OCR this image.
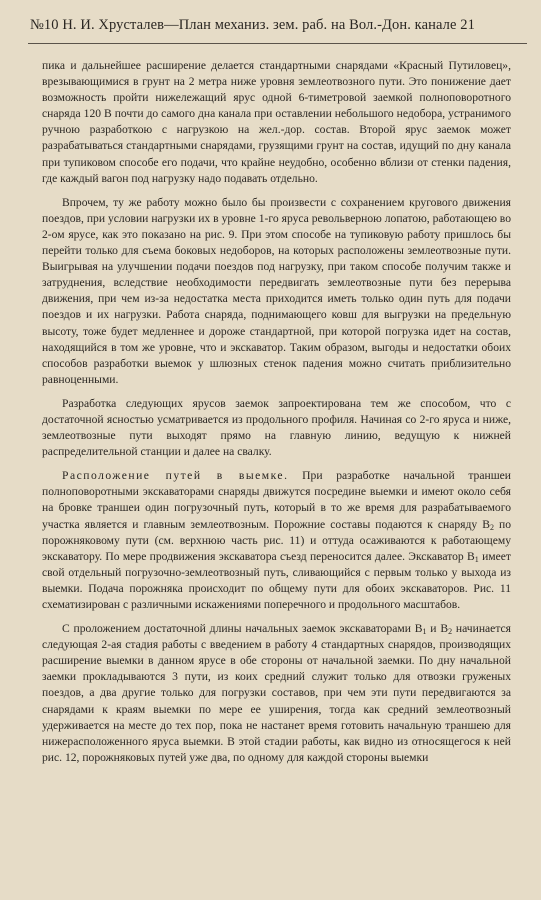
№10 Н. И. Хрусталев—План механиз. зем. раб. на Вол.-Дон. канале 21

пика и дальнейшее расширение делается стандартными снарядами «Красный Путиловец», врезывающимися в грунт на 2 метра ниже уровня землеотвозного пути. Это понижение дает возможность пройти нижележащий ярус одной 6-тиметровой заемкой полноповоротного снаряда 120 В почти до самого дна канала при оставлении небольшого недобора, устранимого ручною разработкою с нагрузкою на жел.-дор. состав. Второй ярус заемок может разрабатываться стандартными снарядами, грузящими грунт на состав, идущий по дну канала при тупиковом способе его подачи, что крайне неудобно, особенно вблизи от стенки падения, где каждый вагон под нагрузку надо подавать отдельно.

Впрочем, ту же работу можно было бы произвести с сохранением кругового движения поездов, при условии нагрузки их в уровне 1-го яруса револьверною лопатою, работающею во 2-ом ярусе, как это показано на рис. 9. При этом способе на тупиковую работу пришлось бы перейти только для съема боковых недоборов, на которых расположены землеотвозные пути. Выигрывая на улучшении подачи поездов под нагрузку, при таком способе получим также и затруднения, вследствие необходимости передвигать землеотвозные пути без перерыва движения, при чем из-за недостатка места приходится иметь только один путь для подачи поездов и их нагрузки. Работа снаряда, поднимающего ковш для выгрузки на предельную высоту, тоже будет медленнее и дороже стандартной, при которой погрузка идет на состав, находящийся в том же уровне, что и экскаватор. Таким образом, выгоды и недостатки обоих способов разработки выемок у шлюзных стенок падения можно считать приблизительно равноценными.

Разработка следующих ярусов заемок запроектирована тем же способом, что с достаточной ясностью усматривается из продольного профиля. Начиная со 2-го яруса и ниже, землеотвозные пути выходят прямо на главную линию, ведущую к нижней распределительной станции и далее на свалку.

Расположение путей в выемке. При разработке начальной траншеи полноповоротными экскаваторами снаряды движутся посредине выемки и имеют около себя на бровке траншеи один погрузочный путь, который в то же время для разрабатываемого участка является и главным землеотвозным. Порожние составы подаются к снаряду $В_2$ по порожняковому пути (см. верхнюю часть рис. 11) и оттуда осаживаются к работающему экскаватору. По мере продвижения экскаватора съезд переносится далее. Экскаватор $В_1$ имеет свой отдельный погрузочно-землеотвозный путь, сливающийся с первым только у выхода из выемки. Подача порожняка происходит по общему пути для обоих экскаваторов. Рис. 11 схематизирован с различными искажениями поперечного и продольного масштабов.

С проложением достаточной длины начальных заемок экскаваторами $В_1$ и $В_2$ начинается следующая 2-ая стадия работы с введением в работу 4 стандартных снарядов, производящих расширение выемки в данном ярусе в обе стороны от начальной заемки. По дну начальной заемки прокладываются 3 пути, из коих средний служит только для отвозки груженых поездов, а два другие только для погрузки составов, при чем эти пути передвигаются за снарядами к краям выемки по мере ее уширения, тогда как средний землеотвозный удерживается на месте до тех пор, пока не настанет время готовить начальную траншею для нижерасположенного яруса выемки. В этой стадии работы, как видно из относящегося к ней рис. 12, порожняковых путей уже два, по одному для каждой стороны выемки
